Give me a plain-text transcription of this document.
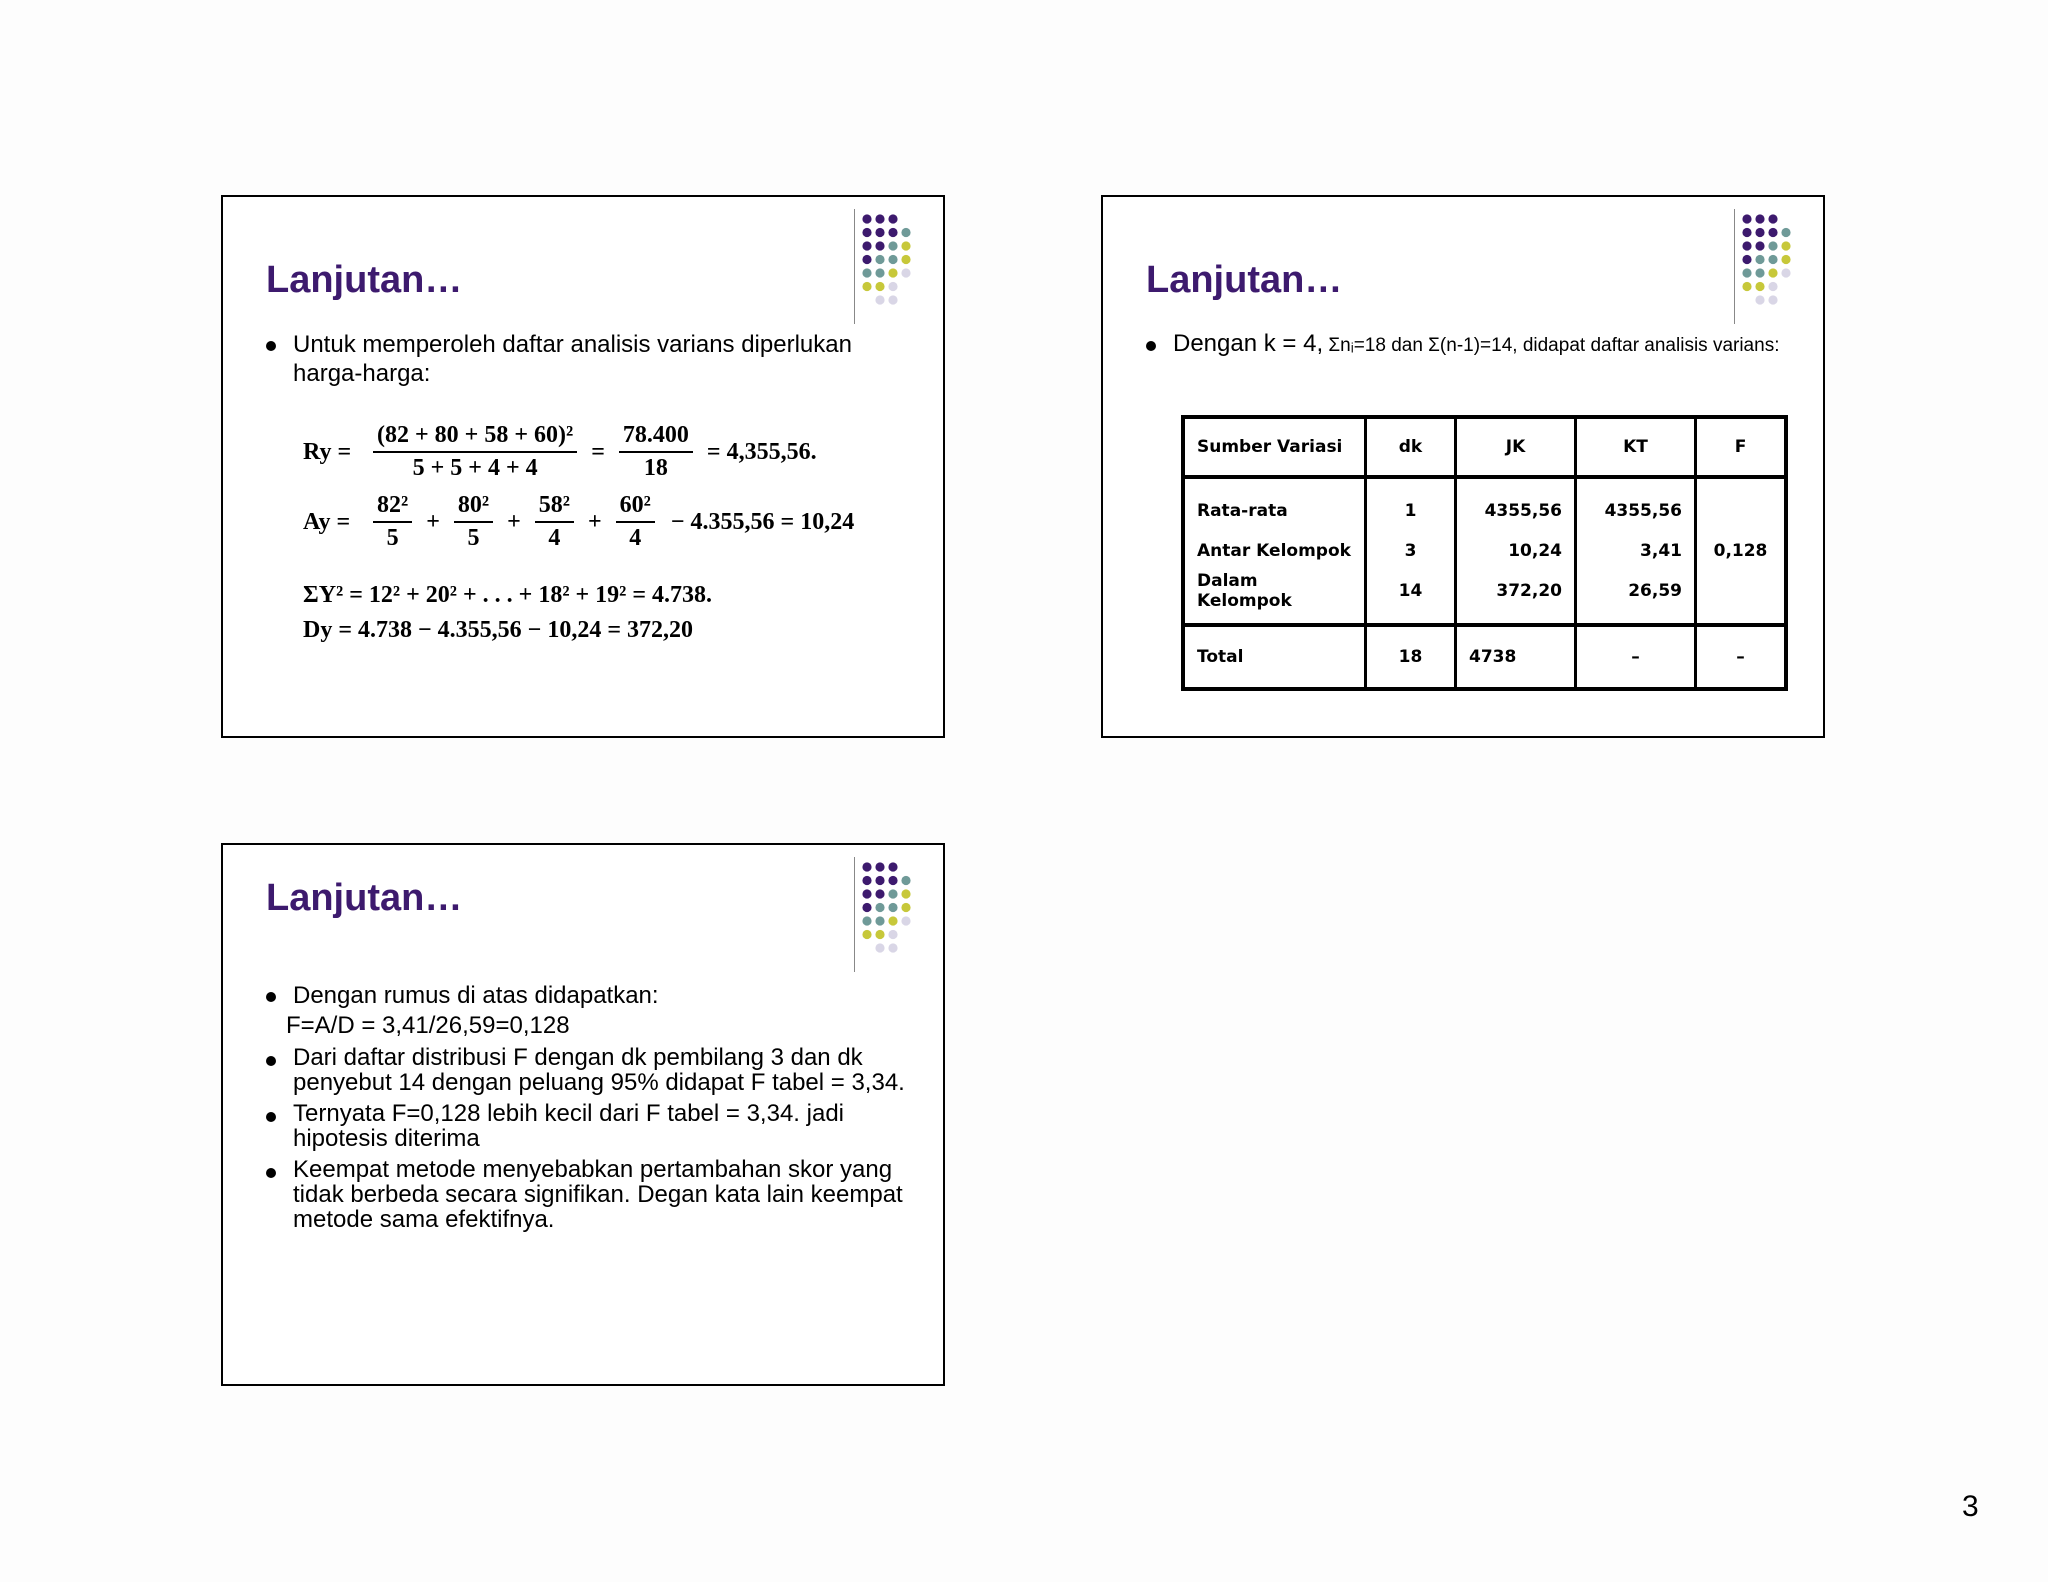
Lanjutan…
Untuk memperoleh daftar analisis varians diperlukan harga-harga:
$Ry = \frac{\text{(82 + 80 + 58 + 60)²}}{5 + 5 + 4 + 4} = \frac{78.400}{18} = 4,355,56$.
$Ay = \frac{\text{82²}}{5} + \frac{\text{80²}}{5} + \frac{\text{58²}}{4} + \frac{\text{60²}}{4} - 4.355,56 = 10,24$
ΣY² = 12² + 20² + . . . + 18² + 19² = 4.738.
Dy = 4.738 − 4.355,56 − 10,24 = 372,20
Lanjutan…
Dengan k = 4, Σnᵢ=18 dan Σ(n-1)=14, didapat daftar analisis varians:
Sumber Variasi	dk	JK	KT	F
Rata-rata	1	4355,56	4355,56	
Antar Kelompok	3	10,24	3,41	0,128
Dalam Kelompok	14	372,20	26,59	
Total	18	4738	–	–
Lanjutan…
Dengan rumus di atas didapatkan:
F=A/D = 3,41/26,59=0,128
Dari daftar distribusi F dengan dk pembilang 3 dan dk penyebut 14 dengan peluang 95% didapat F tabel = 3,34.
Ternyata F=0,128 lebih kecil dari F tabel = 3,34. jadi hipotesis diterima
Keempat metode menyebabkan pertambahan skor yang tidak berbeda secara signifikan. Degan kata lain keempat metode sama efektifnya.
3
